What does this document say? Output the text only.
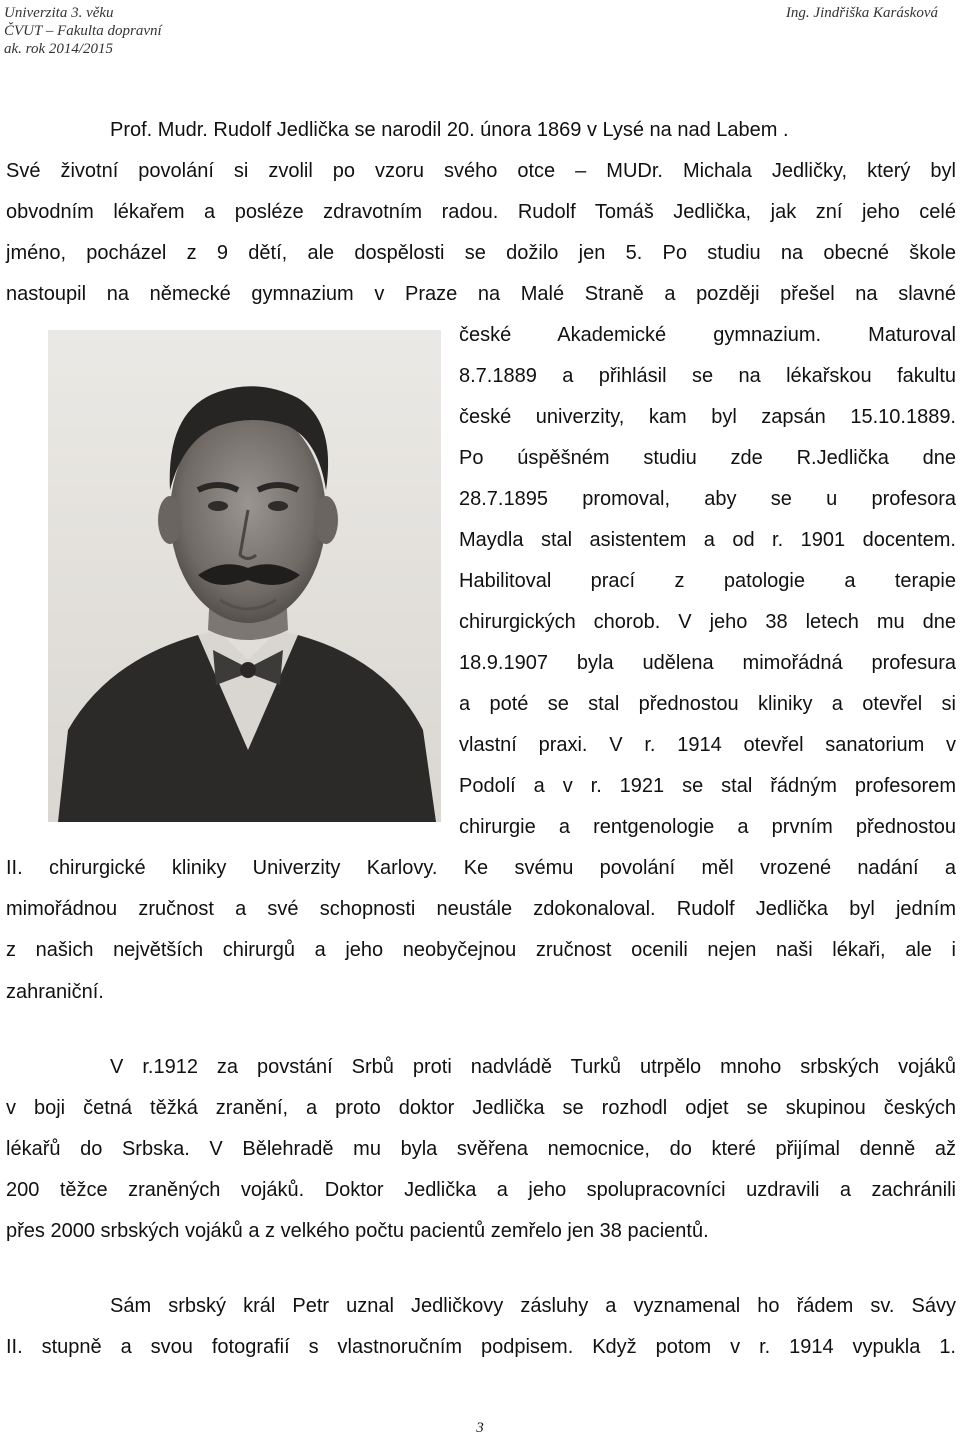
Univerzita 3. věku
ČVUT – Fakulta dopravní
ak. rok 2014/2015
Ing. Jindřiška Karásková
Prof. Mudr. Rudolf Jedlička se narodil 20. února 1869 v Lysé na nad Labem .
Své životní povolání si zvolil po vzoru svého otce – MUDr. Michala Jedličky, který byl
obvodním lékařem a posléze zdravotním radou. Rudolf Tomáš Jedlička, jak zní jeho celé
jméno, pocházel z 9 dětí, ale dospělosti se dožilo jen 5. Po studiu na obecné škole
nastoupil na německé gymnazium v Praze na Malé Straně a později přešel na slavné
české Akademické gymnazium. Maturoval
8.7.1889 a přihlásil se na lékařskou fakultu
české univerzity, kam byl zapsán 15.10.1889.
Po úspěšném studiu zde R.Jedlička dne
28.7.1895 promoval, aby se u profesora
Maydla stal asistentem a od r. 1901 docentem.
Habilitoval prací z patologie a terapie
chirurgických chorob. V jeho 38 letech mu dne
18.9.1907 byla udělena mimořádná profesura
a poté se stal přednostou kliniky a otevřel si
vlastní praxi. V r. 1914 otevřel sanatorium v
Podolí a v r. 1921 se stal řádným profesorem
chirurgie a rentgenologie a prvním přednostou
II. chirurgické kliniky Univerzity Karlovy. Ke svému povolání měl vrozené nadání a
mimořádnou zručnost a své schopnosti neustále zdokonaloval. Rudolf Jedlička byl jedním
z našich největších chirurgů a jeho neobyčejnou zručnost ocenili nejen naši lékaři, ale i
zahraniční.
V r.1912 za povstání Srbů proti nadvládě Turků utrpělo mnoho srbských vojáků
v boji četná těžká zranění, a proto doktor Jedlička se rozhodl odjet se skupinou českých
lékařů do Srbska. V Bělehradě mu byla svěřena nemocnice, do které přijímal denně až
200 těžce zraněných vojáků. Doktor Jedlička a jeho spolupracovníci uzdravili a zachránili
přes 2000 srbských vojáků a z velkého počtu pacientů zemřelo jen 38 pacientů.
Sám srbský král Petr uznal Jedličkovy zásluhy a vyznamenal ho řádem sv. Sávy
II. stupně a svou fotografií s vlastnoručním podpisem. Když potom v r. 1914 vypukla 1.
3
